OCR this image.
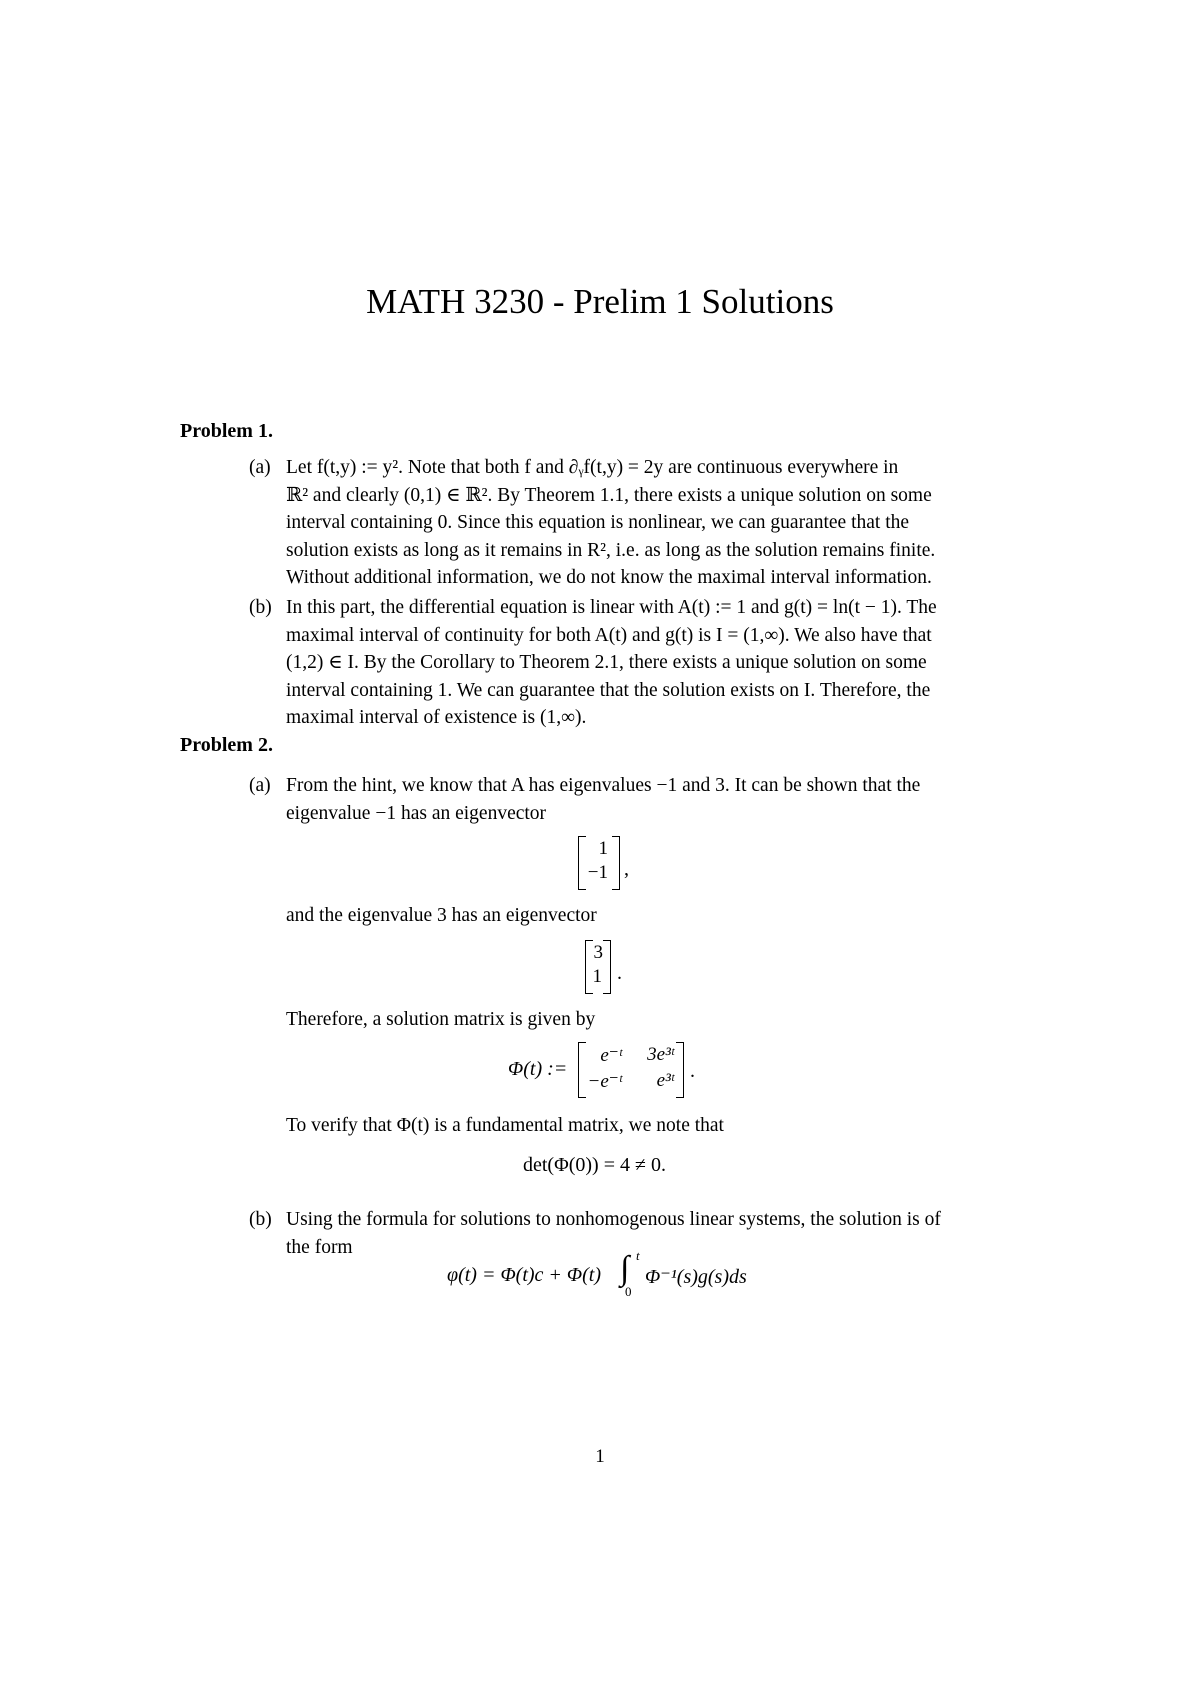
MATH 3230 - Prelim 1 Solutions
Problem 1.
(a) Let f(t,y) := y². Note that both f and ∂ᵧf(t,y) = 2y are continuous everywhere in
ℝ² and clearly (0,1) ∈ ℝ². By Theorem 1.1, there exists a unique solution on some
interval containing 0. Since this equation is nonlinear, we can guarantee that the
solution exists as long as it remains in R², i.e. as long as the solution remains finite.
Without additional information, we do not know the maximal interval information.
(b) In this part, the differential equation is linear with A(t) := 1 and g(t) = ln(t − 1). The
maximal interval of continuity for both A(t) and g(t) is I = (1,∞). We also have that
(1,2) ∈ I. By the Corollary to Theorem 2.1, there exists a unique solution on some
interval containing 1. We can guarantee that the solution exists on I. Therefore, the
maximal interval of existence is (1,∞).
Problem 2.
(a) From the hint, we know that A has eigenvalues −1 and 3. It can be shown that the
eigenvalue −1 has an eigenvector
1
−1 ,
and the eigenvalue 3 has an eigenvector
3
1 .
Therefore, a solution matrix is given by
Φ(t) :=
e⁻ᵗ	3e³ᵗ
−e⁻ᵗ	e³ᵗ .
To verify that Φ(t) is a fundamental matrix, we note that
det(Φ(0)) = 4 ≠ 0.
(b) Using the formula for solutions to nonhomogenous linear systems, the solution is of
the form
φ(t) = Φ(t)c + Φ(t) ∫ t
0
Φ⁻¹(s)g(s)ds
1
